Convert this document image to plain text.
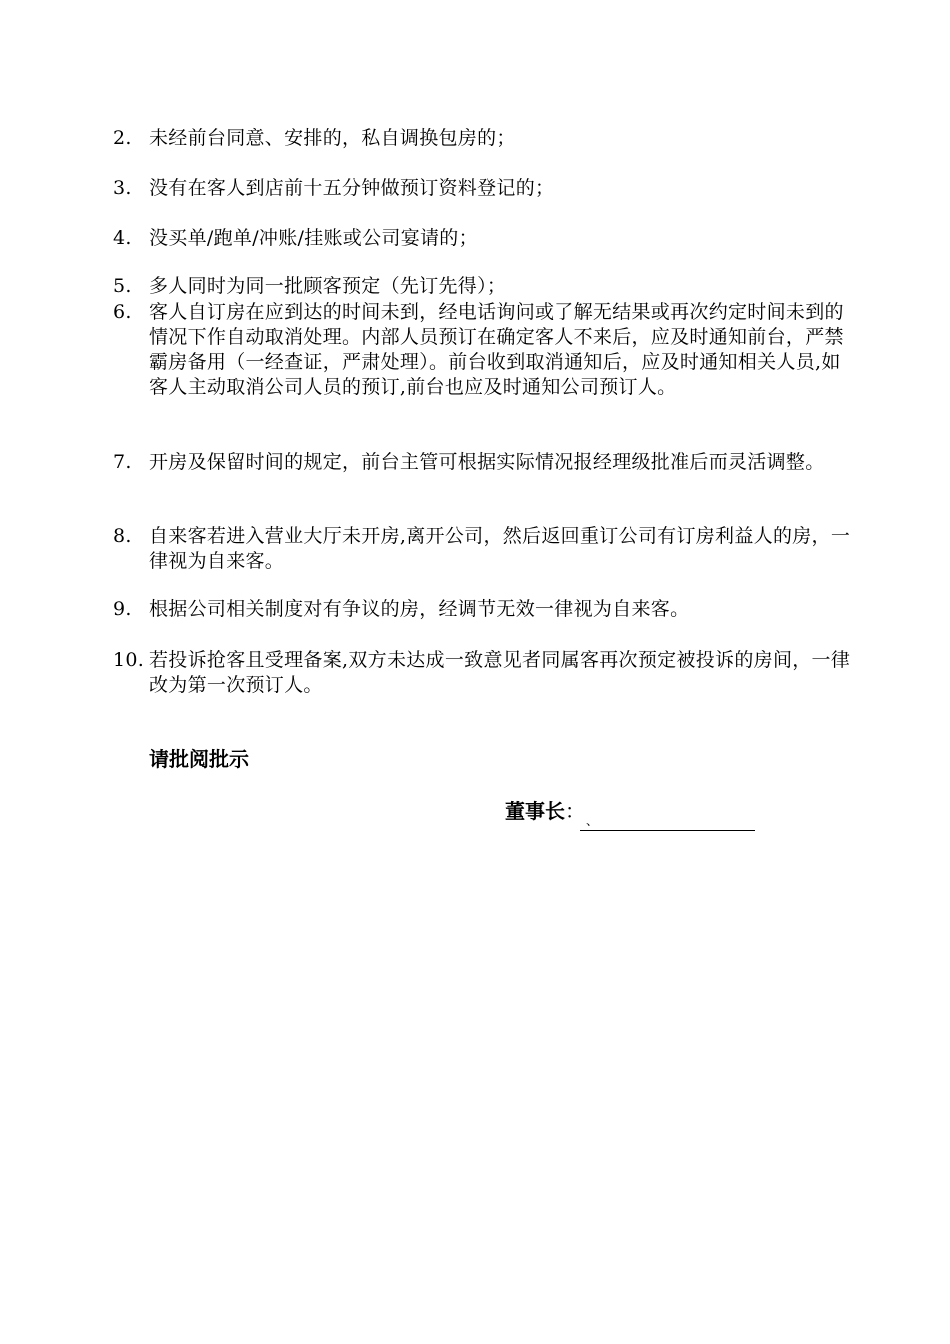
2. 未经前台同意、安排的，私自调换包房的；
3. 没有在客人到店前十五分钟做预订资料登记的；
4. 没买单/跑单/冲账/挂账或公司宴请的；
5. 多人同时为同一批顾客预定（先订先得）；
6. 客人自订房在应到达的时间未到，经电话询问或了解无结果或再次约定时间未到的情况下作自动取消处理。内部人员预订在确定客人不来后，应及时通知前台，严禁霸房备用（一经查证，严肃处理）。前台收到取消通知后，应及时通知相关人员,如客人主动取消公司人员的预订,前台也应及时通知公司预订人。
7. 开房及保留时间的规定，前台主管可根据实际情况报经理级批准后而灵活调整。
8. 自来客若进入营业大厅未开房,离开公司，然后返回重订公司有订房利益人的房，一律视为自来客。
9. 根据公司相关制度对有争议的房，经调节无效一律视为自来客。
10. 若投诉抢客且受理备案,双方未达成一致意见者同属客再次预定被投诉的房间，一律改为第一次预订人。
请批阅批示
董事长： 、
